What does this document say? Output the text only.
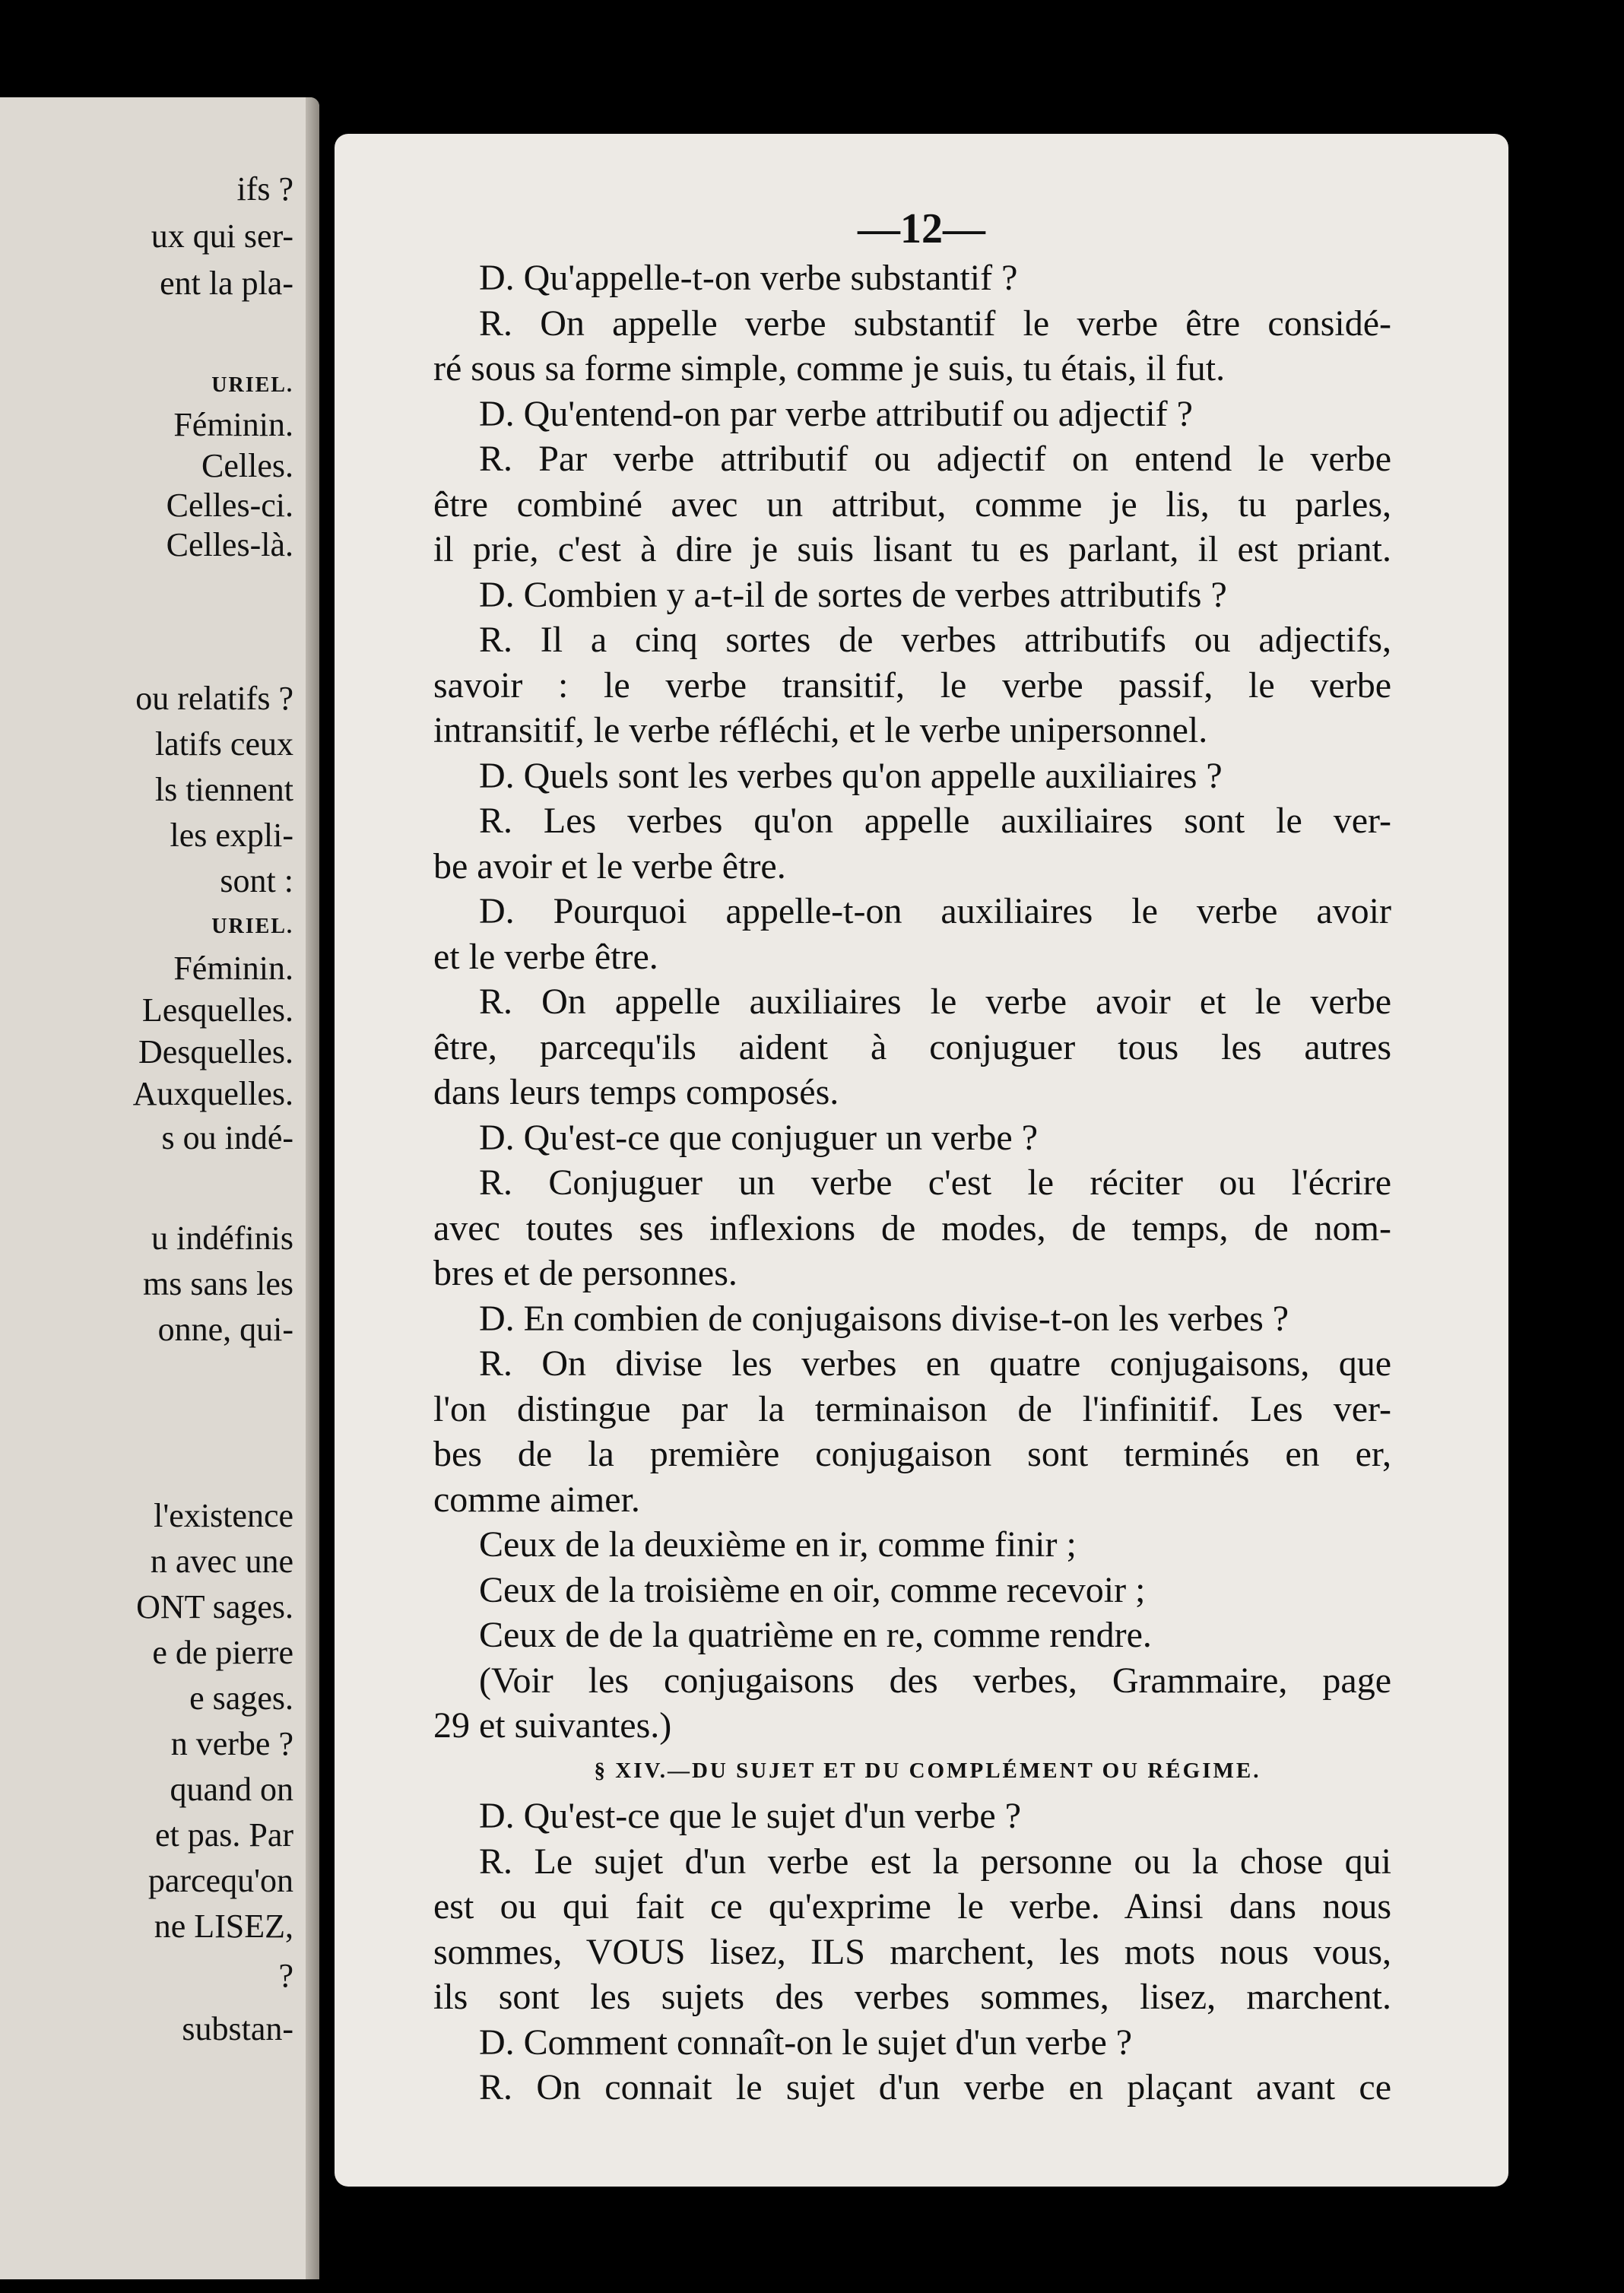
ifs ?
ux qui ser-
ent la pla-
URIEL.
Féminin.
Celles.
Celles-ci.
Celles-là.
ou relatifs ?
latifs ceux
ls tiennent
les expli-
sont :
URIEL.
Féminin.
Lesquelles.
Desquelles.
Auxquelles.
s ou indé-
u indéfinis
ms sans les
onne, qui-
l'existence
n avec une
ONT sages.
e de pierre
e sages.
n verbe ?
quand on
et pas. Par
parcequ'on
ne LISEZ,
?
substan-
—12—
D. Qu'appelle-t-on verbe substantif ?
R. On appelle verbe substantif le verbe être considé-
ré sous sa forme simple, comme je suis, tu étais, il fut.
D. Qu'entend-on par verbe attributif ou adjectif ?
R. Par verbe attributif ou adjectif on entend le verbe
être combiné avec un attribut, comme je lis, tu parles,
il prie, c'est à dire je suis lisant tu es parlant, il est priant.
D. Combien y a-t-il de sortes de verbes attributifs ?
R. Il a cinq sortes de verbes attributifs ou adjectifs,
savoir : le verbe transitif, le verbe passif, le verbe
intransitif, le verbe réfléchi, et le verbe unipersonnel.
D. Quels sont les verbes qu'on appelle auxiliaires ?
R. Les verbes qu'on appelle auxiliaires sont le ver-
be avoir et le verbe être.
D. Pourquoi appelle-t-on auxiliaires le verbe avoir
et le verbe être.
R. On appelle auxiliaires le verbe avoir et le verbe
être, parcequ'ils aident à conjuguer tous les autres
dans leurs temps composés.
D. Qu'est-ce que conjuguer un verbe ?
R. Conjuguer un verbe c'est le réciter ou l'écrire
avec toutes ses inflexions de modes, de temps, de nom-
bres et de personnes.
D. En combien de conjugaisons divise-t-on les verbes ?
R. On divise les verbes en quatre conjugaisons, que
l'on distingue par la terminaison de l'infinitif. Les ver-
bes de la première conjugaison sont terminés en er,
comme aimer.
Ceux de la deuxième en ir, comme finir ;
Ceux de la troisième en oir, comme recevoir ;
Ceux de de la quatrième en re, comme rendre.
(Voir les conjugaisons des verbes, Grammaire, page
29 et suivantes.)
§ XIV.—DU SUJET ET DU COMPLÉMENT OU RÉGIME.
D. Qu'est-ce que le sujet d'un verbe ?
R. Le sujet d'un verbe est la personne ou la chose qui
est ou qui fait ce qu'exprime le verbe. Ainsi dans nous
sommes, VOUS lisez, ILS marchent, les mots nous vous,
ils sont les sujets des verbes sommes, lisez, marchent.
D. Comment connaît-on le sujet d'un verbe ?
R. On connait le sujet d'un verbe en plaçant avant ce
